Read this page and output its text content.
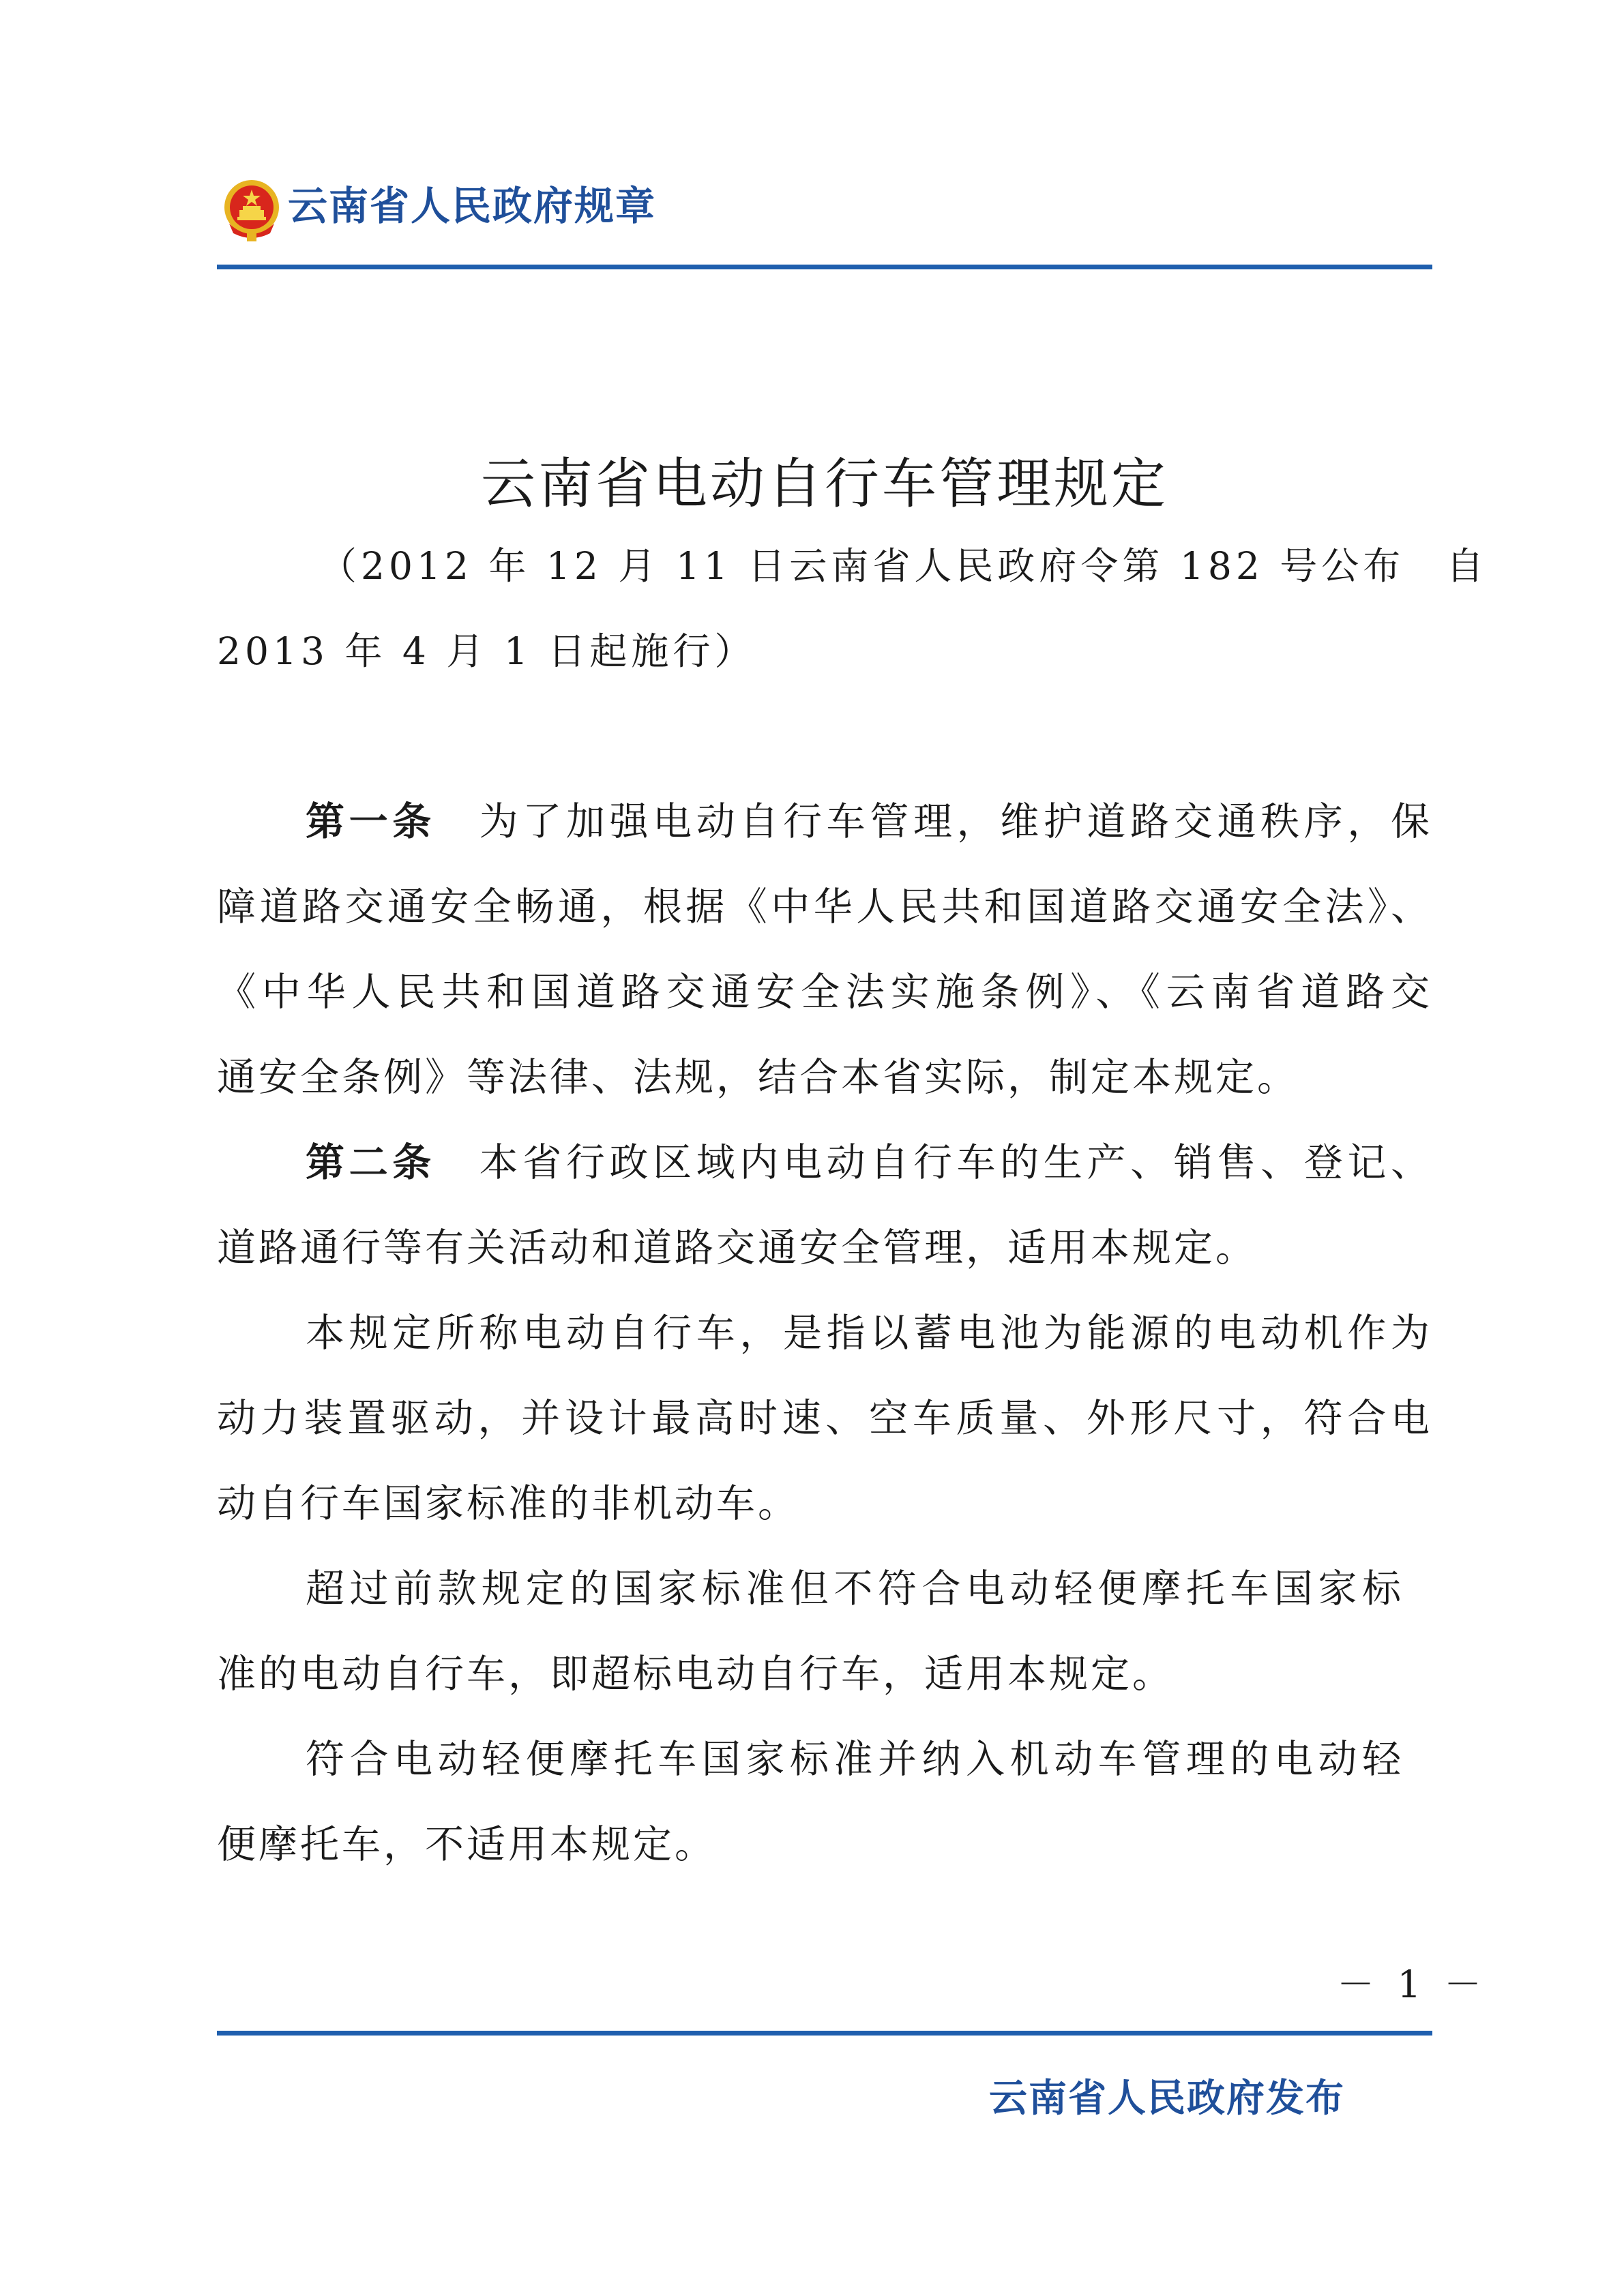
云南省人民政府规章
云南省电动自行车管理规定
（2012 年 12 月 11 日云南省人民政府令第 182 号公布　自
2013 年 4 月 1 日起施行）
第一条　 为了加强电动自行车管理，维护道路交通秩序，保
障道路交通安全畅通，根据《中华人民共和国道路交通安全法》、
《中华人民共和国道路交通安全法实施条例》、《云南省道路交
通安全条例》等法律、法规，结合本省实际，制定本规定。
第二条　 本省行政区域内电动自行车的生产、销售、登记、
道路通行等有关活动和道路交通安全管理，适用本规定。
本规定所称电动自行车，是指以蓄电池为能源的电动机作为
动力装置驱动，并设计最高时速、空车质量、外形尺寸，符合电
动自行车国家标准的非机动车。
超过前款规定的国家标准但不符合电动轻便摩托车国家标
准的电动自行车，即超标电动自行车，适用本规定。
符合电动轻便摩托车国家标准并纳入机动车管理的电动轻
便摩托车，不适用本规定。
－ 1 －
云南省人民政府发布
